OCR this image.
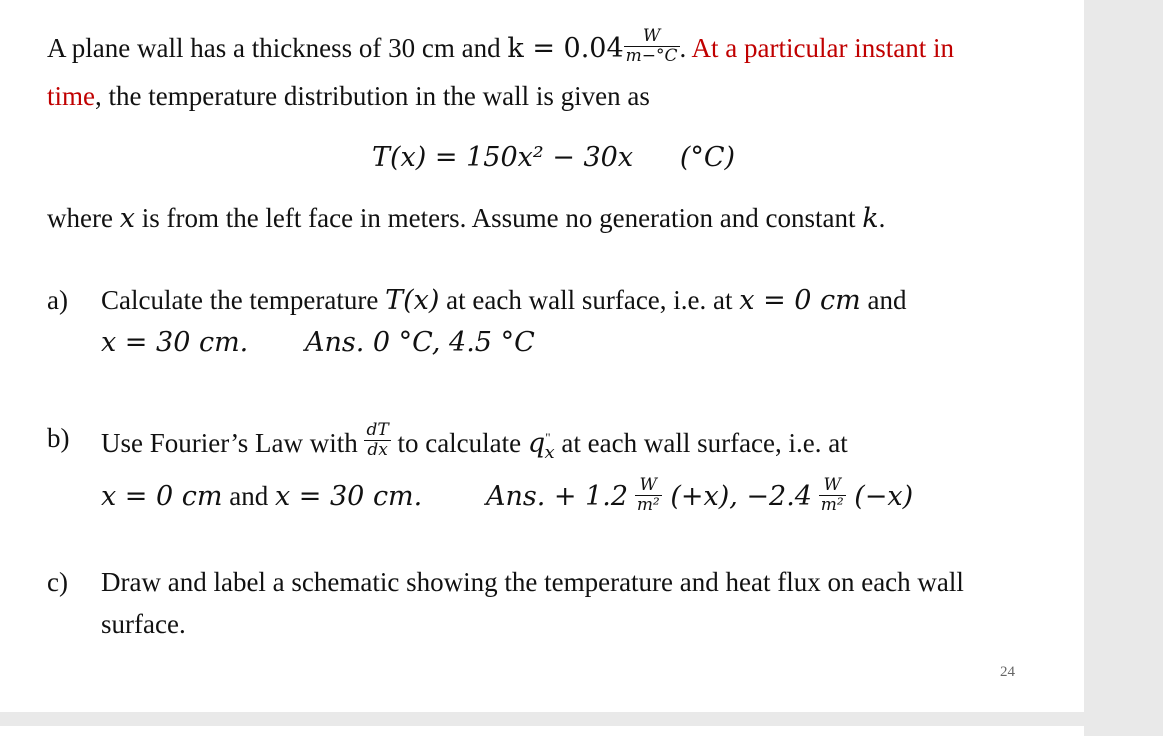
A plane wall has a thickness of 30 cm and $k = 0.04 \frac{W}{m-^\circ C}$ . At a particular instant in
time, the temperature distribution in the wall is given as
T(x) = 150x² − 30x (°C)
where x is from the left face in meters. Assume no generation and constant k.
a) Calculate the temperature T(x) at each wall surface, i.e. at x = 0 cm and
x = 30 cm. Ans. 0 °C, 4.5 °C
b) Use Fourier’s Law with $\frac{dT}{dx}$ to calculate $q^"_x$ at each wall surface, i.e. at
x = 0 cm and x = 30 cm. Ans. + $1.2 \frac{W}{\text{m²}} (+x)$, $-2.4 \frac{W}{\text{m²}} (-x)$
c) Draw and label a schematic showing the temperature and heat flux on each wall
surface.
24
